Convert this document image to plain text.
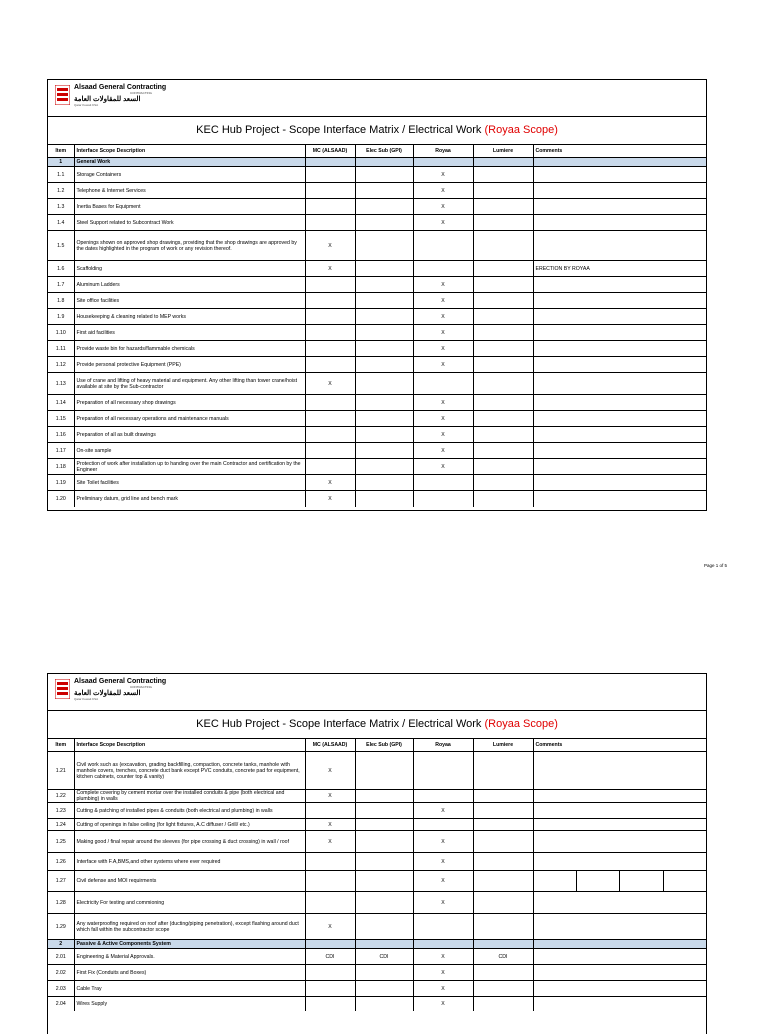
Alsaad General Contracting
CONTRACTING
السعد للمقاولات العامة
Qatar Kuwait KSA
KEC Hub Project - Scope Interface Matrix / Electrical Work (Royaa Scope)
Item	Interface Scope Description	MC (ALSAAD)	Elec Sub (GPI)	Royaa	Lumiere	Comments
1	General Work					
1.1	Storage Containers			X		
1.2	Telephone & Internet Services			X		
1.3	Inertia Bases for Equipment			X		
1.4	Steel Support related to Subcontract Work			X		
1.5	Openings shown on approved shop drawings, providing that the shop drawings are approved by the dates highlighted in the program of work or any revision thereof.	X				
1.6	Scaffolding	X				ERECTION BY ROYAA
1.7	Aluminum Ladders			X		
1.8	Site office facilities			X		
1.9	Housekeeping & cleaning related to MEP works			X		
1.10	First aid facilities			X		
1.11	Provide waste bin for hazards/flammable chemicals			X		
1.12	Provide personal protective Equipment (PPE)			X		
1.13	Use of crane and lifting of heavy material and equipment. Any other lifting than tower crane/hoist available at site by the Sub-contractor	X				
1.14	Preparation of all necessary shop drawings			X		
1.15	Preparation of all necessary operations and maintenance manuals			X		
1.16	Preparation of all as built drawings			X		
1.17	On-site sample			X		
1.18	Protection of work after installation up to handing over the main Contractor and certification by the Engineer			X		
1.19	Site Toilet facilities	X				
1.20	Preliminary datum, grid line and bench mark	X				
Page 1 of 5
Alsaad General Contracting
CONTRACTING
السعد للمقاولات العامة
Qatar Kuwait KSA
KEC Hub Project - Scope Interface Matrix / Electrical Work (Royaa Scope)
Item	Interface Scope Description	MC (ALSAAD)	Elec Sub (GPI)	Royaa	Lumiere	Comments
1.21	Civil work such as (excavation, grading backfilling, compaction, concrete tanks, manhole with manhole covers, trenches, concrete duct bank except PVC conduits, concrete pad for equipment, kitchen cabinets, counter top & vanity)	X				
1.22	Complete covering by cement mortar over the installed conduits & pipe (both electrical and plumbing) in walls	X				
1.23	Cutting & patching of installed pipes & conduits (both electrical and plumbing) in walls			X		
1.24	Cutting of openings in false ceiling (for light fixtures, A.C diffuser / Grill/ etc.)	X				
1.25	Making good / final repair around the sleeves (for pipe crossing & duct crossing) in wall / roof	X		X		
1.26	Interface with F.A,BMS,and other systems where ever required			X		
1.27	Civil defense and MOI requirments			X		

1.28	Electricity For testing and commioning			X		
1.29	Any waterproofing required on roof after (ducting/piping penetration), except flashing around duct which fall within the subcontractor scope	X				
2	Passive & Active Components System					
2.01	Engineering & Material Approvals.	CDI	CDI	X	CDI	
2.02	First Fix (Conduits and Boxes)			X		
2.03	Cable Tray			X		
2.04	Wires Supply			X		
